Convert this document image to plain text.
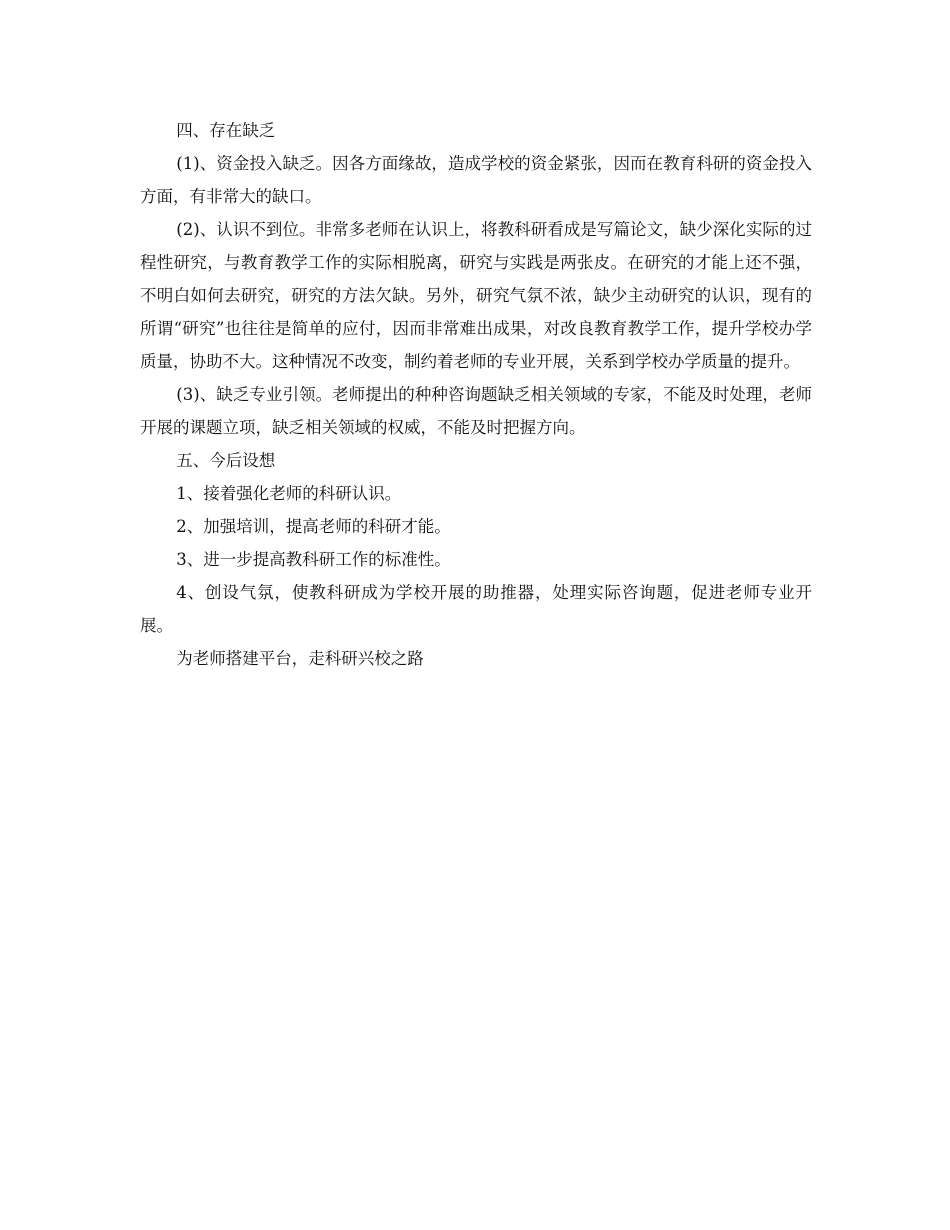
四、存在缺乏

(1)、资金投入缺乏。因各方面缘故，造成学校的资金紧张，因而在教育科研的资金投入方面，有非常大的缺口。

(2)、认识不到位。非常多老师在认识上，将教科研看成是写篇论文，缺少深化实际的过程性研究，与教育教学工作的实际相脱离，研究与实践是两张皮。在研究的才能上还不强，不明白如何去研究，研究的方法欠缺。另外，研究气氛不浓，缺少主动研究的认识，现有的所谓“研究”也往往是简单的应付，因而非常难出成果，对改良教育教学工作，提升学校办学质量，协助不大。这种情况不改变，制约着老师的专业开展，关系到学校办学质量的提升。

(3)、缺乏专业引领。老师提出的种种咨询题缺乏相关领域的专家，不能及时处理，老师开展的课题立项，缺乏相关领域的权威，不能及时把握方向。

五、今后设想

1、接着强化老师的科研认识。

2、加强培训，提高老师的科研才能。

3、进一步提高教科研工作的标准性。

4、创设气氛，使教科研成为学校开展的助推器，处理实际咨询题，促进老师专业开展。

为老师搭建平台，走科研兴校之路
